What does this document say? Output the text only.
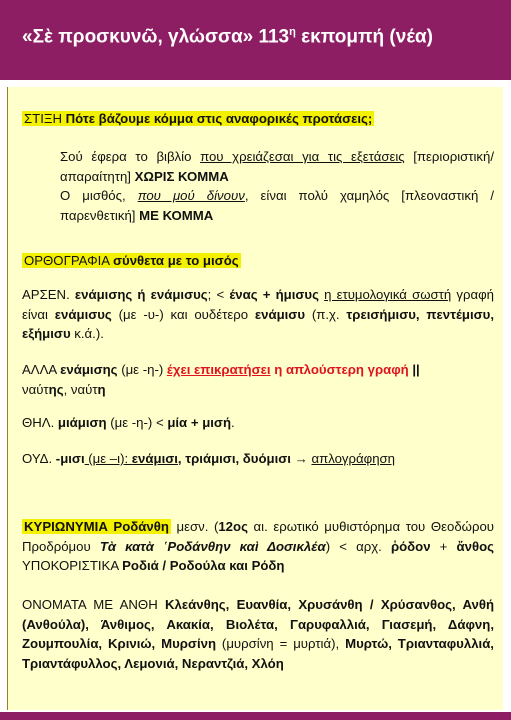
«Σὲ προσκυνῶ, γλώσσα» $113^\eta$ εκπομπή (νέα)
ΣΤΙΞΗ Πότε βάζουμε κόμμα στις αναφορικές προτάσεις;
Σού έφερα το βιβλίο που χρειάζεσαι για τις εξετάσεις [περιοριστική/απαραίτητη] ΧΩΡΙΣ ΚΟΜΜΑ
Ο μισθός, που μού δίνουν, είναι πολύ χαμηλός [πλεοναστική / παρενθετική] ΜΕ ΚΟΜΜΑ
ΟΡΘΟΓΡΑΦΙΑ σύνθετα με το μισός
ΑΡΣΕΝ. ενάμισης ή ενάμισυς; < ένας + ήμισυς η ετυμολογικά σωστή γραφή είναι ενάμισυς (με -υ-) και ουδέτερο ενάμισυ (π.χ. τρεισήμισυ, πεντέμισυ, εξήμισυ κ.ά.).
ΑΛΛΑ ενάμισης (με -η-) έχει επικρατήσει η απλούστερη γραφή ||
ναύτης, ναύτη
ΘΗΛ. μιάμιση (με -η-) < μία + μισή.
ΟΥΔ. -μισι (με –ι): ενάμισι, τριάμισι, δυόμισι → απλογράφηση
ΚΥΡΙΩΝΥΜΙΑ Ροδάνθη μεσν. (12ος αι. ερωτικό μυθιστόρημα του Θεοδώρου Προδρόμου Τὰ κατὰ ῾Ροδάνθην καὶ Δοσικλέα) < αρχ. ῥόδον + ἄνθος ΥΠΟΚΟΡΙΣΤΙΚΑ Ροδιά / Ροδούλα και Ρόδη
ΟΝΟΜΑΤΑ ΜΕ ΑΝΘΗ Κλεάνθης, Ευανθία, Χρυσάνθη / Χρύσανθος, Ανθή (Ανθούλα), Άνθιμος, Ακακία, Βιολέτα, Γαρυφαλλιά, Γιασεμή, Δάφνη, Ζουμπουλία, Κρινιώ, Μυρσίνη (μυρσίνη = μυρτιά), Μυρτώ, Τριανταφυλλιά, Τριαντάφυλλος, Λεμονιά, Νεραντζιά, Χλόη
